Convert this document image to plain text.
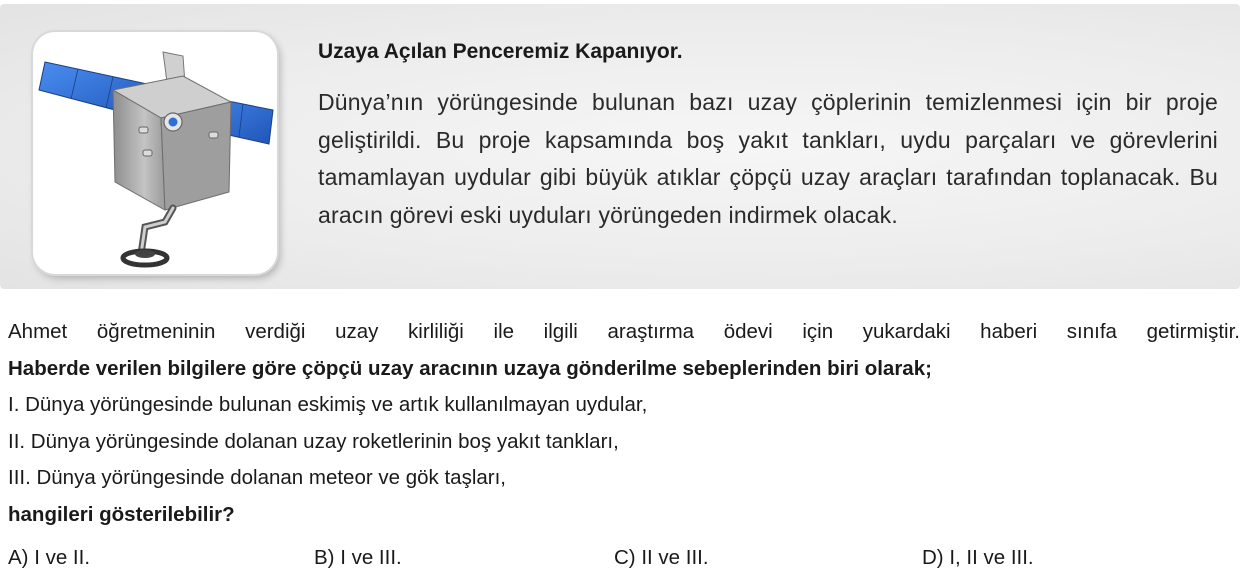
Uzaya Açılan Penceremiz Kapanıyor.
Dünya’nın yörüngesinde bulunan bazı uzay çöplerinin temizlenmesi için bir proje geliştirildi. Bu proje kapsamında boş yakıt tankları, uydu parçaları ve görevlerini tamamlayan uydular gibi büyük atıklar çöpçü uzay araçları tarafından toplanacak. Bu aracın görevi eski uyduları yörüngeden indirmek olacak.
Ahmet öğretmeninin verdiği uzay kirliliği ile ilgili araştırma ödevi için yukardaki haberi sınıfa getirmiştir.
Haberde verilen bilgilere göre çöpçü uzay aracının uzaya gönderilme sebeplerinden biri olarak;
I. Dünya yörüngesinde bulunan eskimiş ve artık kullanılmayan uydular,
II. Dünya yörüngesinde dolanan uzay roketlerinin boş yakıt tankları,
III. Dünya yörüngesinde dolanan meteor ve gök taşları,
hangileri gösterilebilir?
A) I ve II.	B) I ve III.	C) II ve III.	D) I, II ve III.
